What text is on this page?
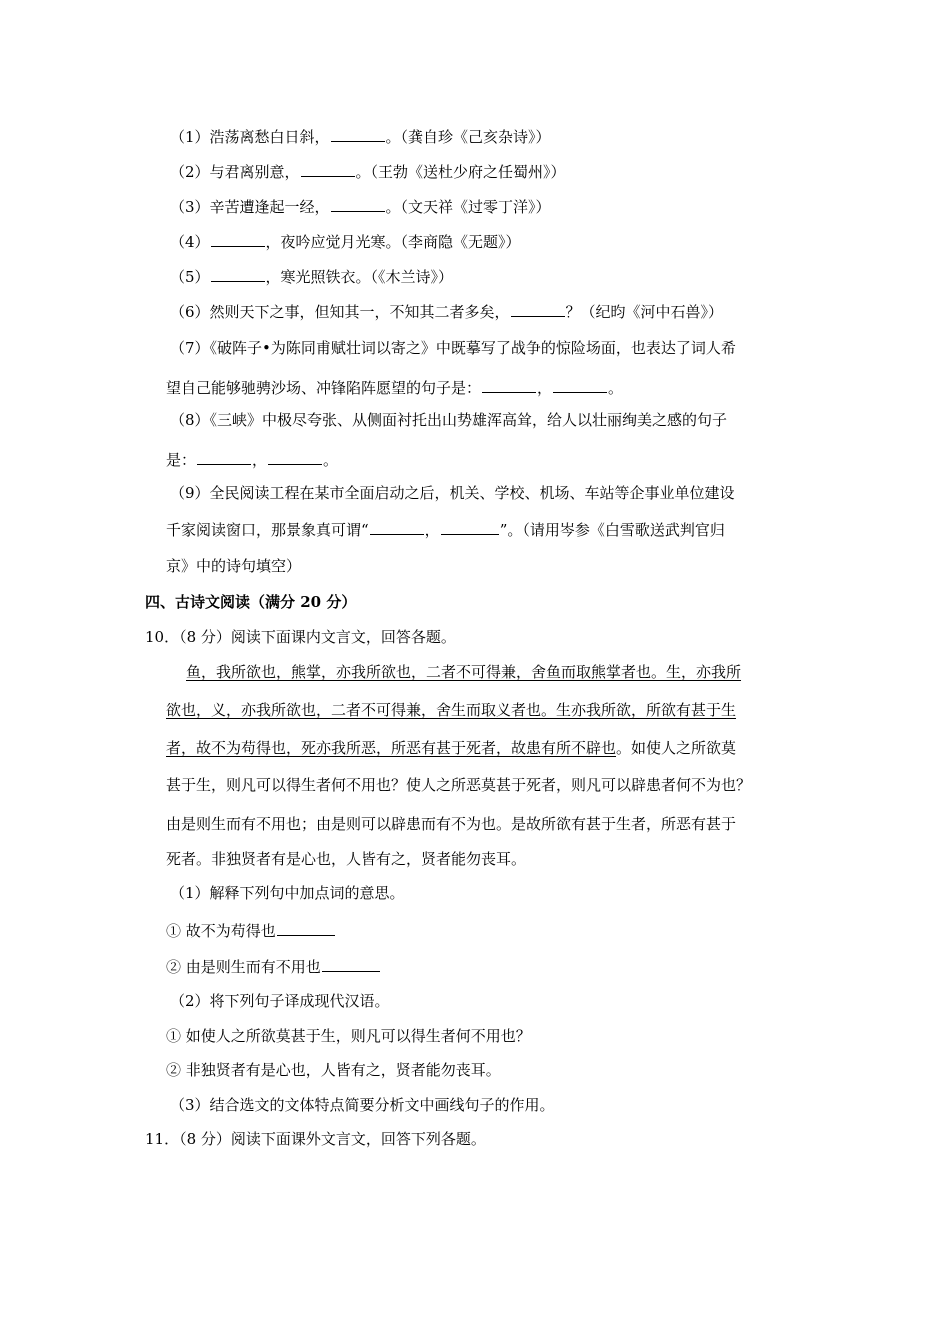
（1）浩荡离愁白日斜，	。（龚自珍《己亥杂诗》）
（2）与君离别意，	。（王勃《送杜少府之任蜀州》）
（3）辛苦遭逢起一经，	。（文天祥《过零丁洋》）
（4）	，夜吟应觉月光寒。（李商隐《无题》）
（5）	，寒光照铁衣。（《木兰诗》）
（6）然则天下之事，但知其一，不知其二者多矣，	？（纪昀《河中石兽》）
（7）《破阵子•为陈同甫赋壮词以寄之》中既摹写了战争的惊险场面，也表达了词人希
望自己能够驰骋沙场、冲锋陷阵愿望的句子是：	，	。
（8）《三峡》中极尽夸张、从侧面衬托出山势雄浑高耸，给人以壮丽绚美之感的句子
是：	，	。
（9）全民阅读工程在某市全面启动之后，机关、学校、机场、车站等企事业单位建设
千家阅读窗口，那景象真可谓“	，	”。（请用岑参《白雪歌送武判官归
京》中的诗句填空）
四、古诗文阅读（满分 20 分）
10．（8 分）阅读下面课内文言文，回答各题。
鱼，我所欲也，熊掌，亦我所欲也，二者不可得兼，舍鱼而取熊掌者也。生，亦我所
欲也，义，亦我所欲也，二者不可得兼，舍生而取义者也。生亦我所欲，所欲有甚于生
者，故不为苟得也，死亦我所恶，所恶有甚于死者，故患有所不辟也。如使人之所欲莫
甚于生，则凡可以得生者何不用也？使人之所恶莫甚于死者，则凡可以辟患者何不为也？
由是则生而有不用也；由是则可以辟患而有不为也。是故所欲有甚于生者，所恶有甚于
死者。非独贤者有是心也，人皆有之，贤者能勿丧耳。
（1）解释下列句中加点词的意思。
① 故不为苟得也
② 由是则生而有不用也
（2）将下列句子译成现代汉语。
① 如使人之所欲莫甚于生，则凡可以得生者何不用也？
② 非独贤者有是心也，人皆有之，贤者能勿丧耳。
（3）结合选文的文体特点简要分析文中画线句子的作用。
11．（8 分）阅读下面课外文言文，回答下列各题。
